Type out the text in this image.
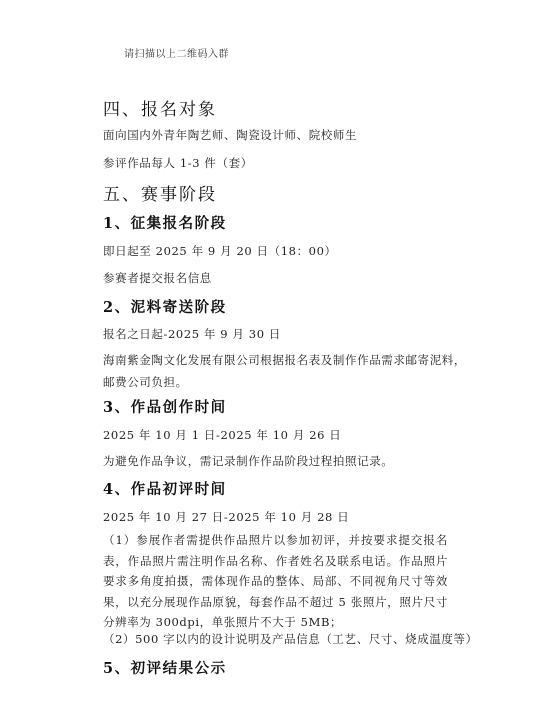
请扫描以上二维码入群
四、报名对象
面向国内外青年陶艺师、陶瓷设计师、院校师生
参评作品每人 1-3 件（套）
五、赛事阶段
1、征集报名阶段
即日起至 2025 年 9 月 20 日（18：00）
参赛者提交报名信息
2、泥料寄送阶段
报名之日起-2025 年 9 月 30 日
海南紫金陶文化发展有限公司根据报名表及制作作品需求邮寄泥料，
邮费公司负担。
3、作品创作时间
2025 年 10 月 1 日-2025 年 10 月 26 日
为避免作品争议，需记录制作作品阶段过程拍照记录。
4、作品初评时间
2025 年 10 月 27 日-2025 年 10 月 28 日
（1）参展作者需提供作品照片以参加初评，并按要求提交报名表，作品照片需注明作品名称、作者姓名及联系电话。作品照片要求多角度拍摄，需体现作品的整体、局部、不同视角尺寸等效果，以充分展现作品原貌，每套作品不超过 5 张照片，照片尺寸分辨率为 300dpi，单张照片不大于 5MB；
（2）500 字以内的设计说明及产品信息（工艺、尺寸、烧成温度等）
5、初评结果公示
